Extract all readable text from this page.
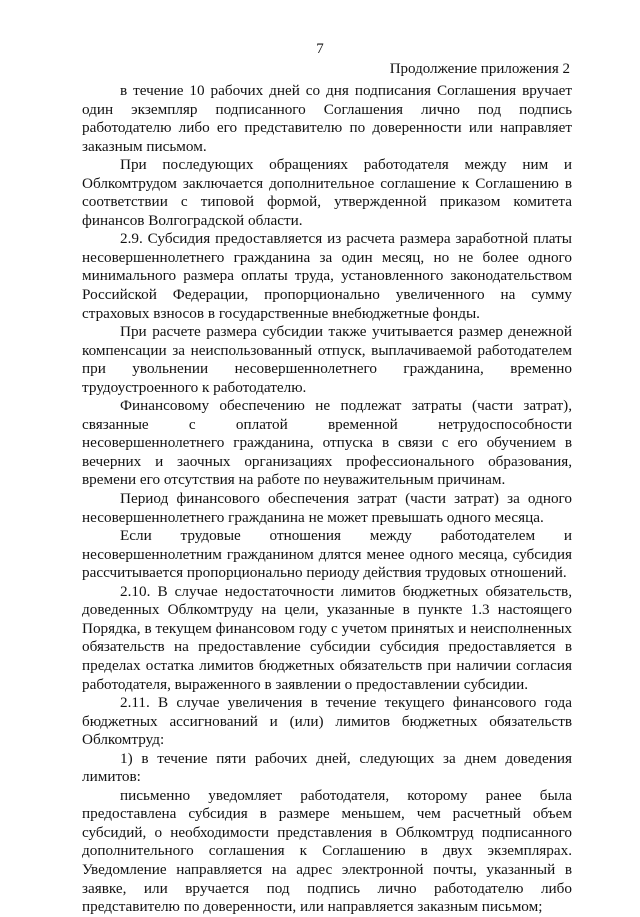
7
Продолжение приложения 2

в течение 10 рабочих дней со дня подписания Соглашения вручает один экземпляр подписанного Соглашения лично под подпись работодателю либо его представителю по доверенности или направляет заказным письмом.

При последующих обращениях работодателя между ним и Облкомтрудом заключается дополнительное соглашение к Соглашению в соответствии с типовой формой, утвержденной приказом комитета финансов Волгоградской области.

2.9. Субсидия предоставляется из расчета размера заработной платы несовершеннолетнего гражданина за один месяц, но не более одного минимального размера оплаты труда, установленного законодательством Российской Федерации, пропорционально увеличенного на сумму страховых взносов в государственные внебюджетные фонды.

При расчете размера субсидии также учитывается размер денежной компенсации за неиспользованный отпуск, выплачиваемой работодателем при увольнении несовершеннолетнего гражданина, временно трудоустроенного к работодателю.

Финансовому обеспечению не подлежат затраты (части затрат), связанные с оплатой временной нетрудоспособности несовершеннолетнего гражданина, отпуска в связи с его обучением в вечерних и заочных организациях профессионального образования, времени его отсутствия на работе по неуважительным причинам.

Период финансового обеспечения затрат (части затрат) за одного несовершеннолетнего гражданина не может превышать одного месяца.

Если трудовые отношения между работодателем и несовершеннолетним гражданином длятся менее одного месяца, субсидия рассчитывается пропорционально периоду действия трудовых отношений.

2.10. В случае недостаточности лимитов бюджетных обязательств, доведенных Облкомтруду на цели, указанные в пункте 1.3 настоящего Порядка, в текущем финансовом году с учетом принятых и неисполненных обязательств на предоставление субсидии субсидия предоставляется в пределах остатка лимитов бюджетных обязательств при наличии согласия работодателя, выраженного в заявлении о предоставлении субсидии.

2.11. В случае увеличения в течение текущего финансового года бюджетных ассигнований и (или) лимитов бюджетных обязательств Облкомтруд:

1) в течение пяти рабочих дней, следующих за днем доведения лимитов:

письменно уведомляет работодателя, которому ранее была предоставлена субсидия в размере меньшем, чем расчетный объем субсидий, о необходимости представления в Облкомтруд подписанного дополнительного соглашения к Соглашению в двух экземплярах. Уведомление направляется на адрес электронной почты, указанный в заявке, или вручается под подпись лично работодателю либо представителю по доверенности, или направляется заказным письмом;
